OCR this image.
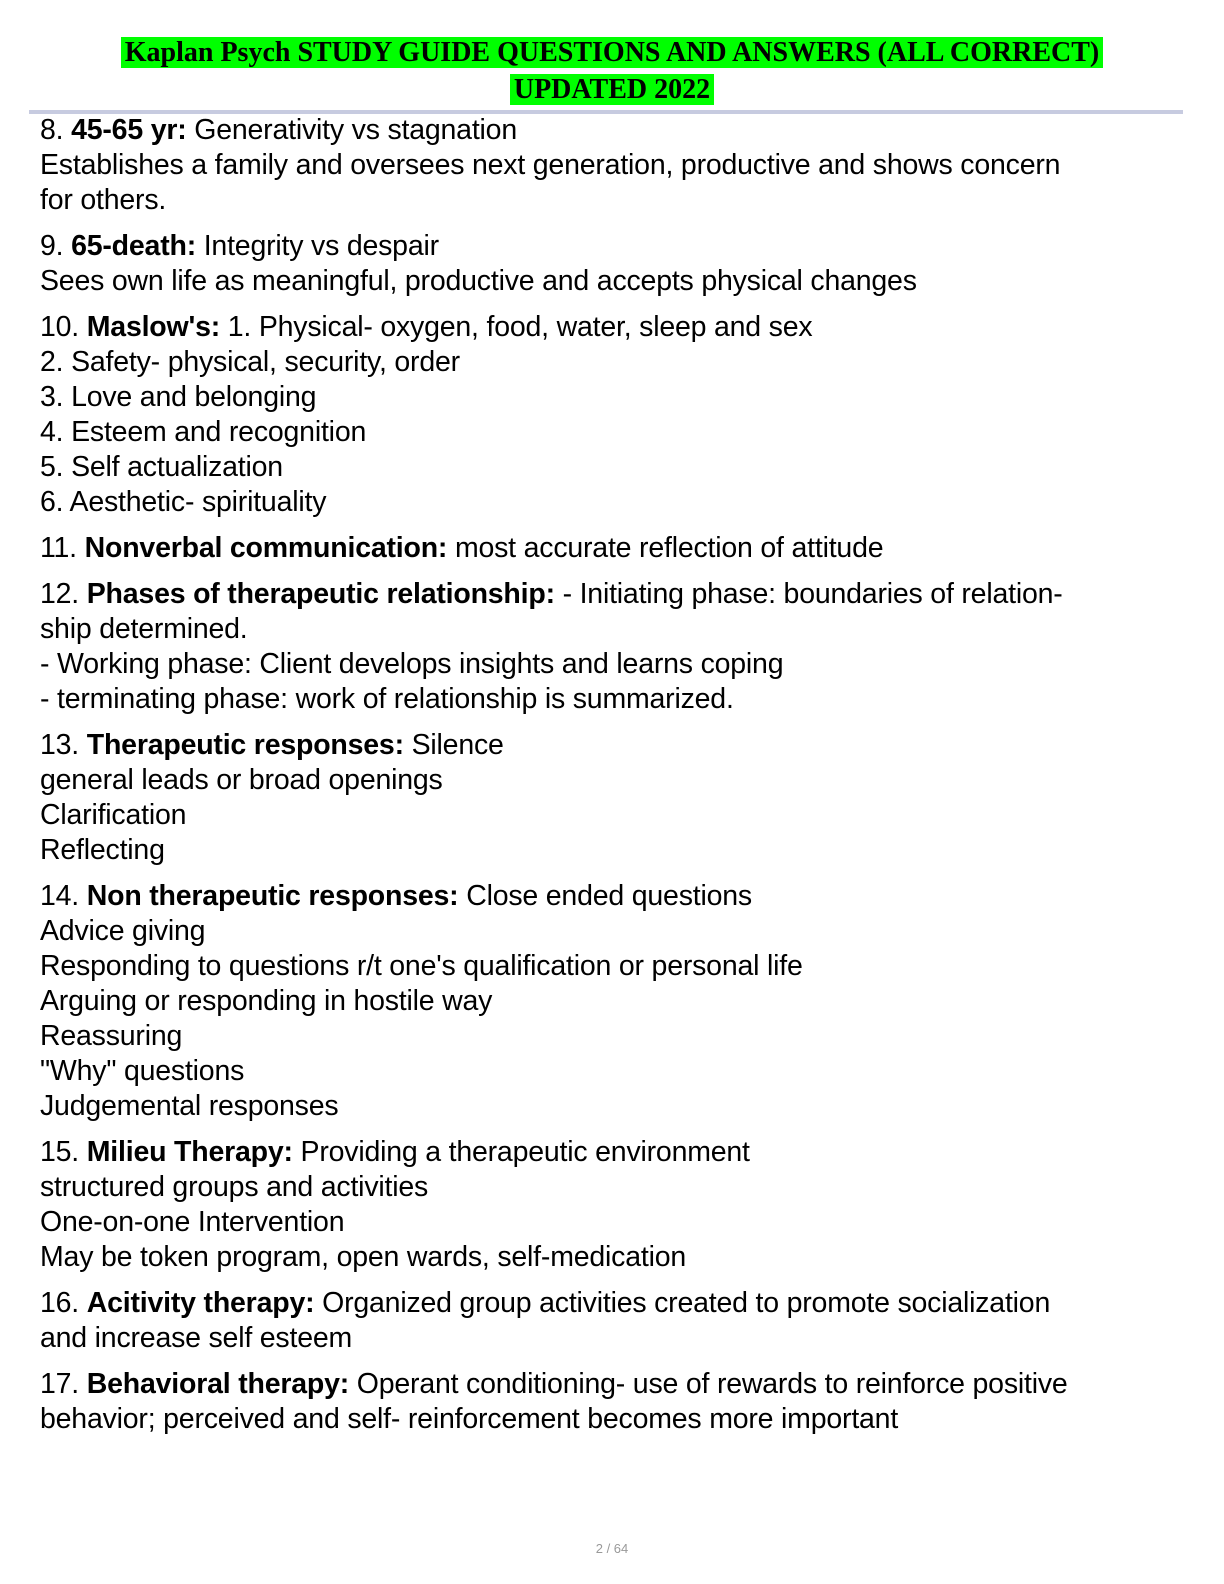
Kaplan Psych STUDY GUIDE QUESTIONS AND ANSWERS (ALL CORRECT)
UPDATED 2022
8. 45-65 yr: Generativity vs stagnation
Establishes a family and oversees next generation, productive and shows concern
for others.
9. 65-death: Integrity vs despair
Sees own life as meaningful, productive and accepts physical changes
10. Maslow's: 1. Physical- oxygen, food, water, sleep and sex
2. Safety- physical, security, order
3. Love and belonging
4. Esteem and recognition
5. Self actualization
6. Aesthetic- spirituality
11. Nonverbal communication: most accurate reflection of attitude
12. Phases of therapeutic relationship: - Initiating phase: boundaries of relation-
ship determined.
- Working phase: Client develops insights and learns coping
- terminating phase: work of relationship is summarized.
13. Therapeutic responses: Silence
general leads or broad openings
Clarification
Reflecting
14. Non therapeutic responses: Close ended questions
Advice giving
Responding to questions r/t one's qualification or personal life
Arguing or responding in hostile way
Reassuring
"Why" questions
Judgemental responses
15. Milieu Therapy: Providing a therapeutic environment
structured groups and activities
One-on-one Intervention
May be token program, open wards, self-medication
16. Acitivity therapy: Organized group activities created to promote socialization
and increase self esteem
17. Behavioral therapy: Operant conditioning- use of rewards to reinforce positive
behavior; perceived and self- reinforcement becomes more important
2 / 64
